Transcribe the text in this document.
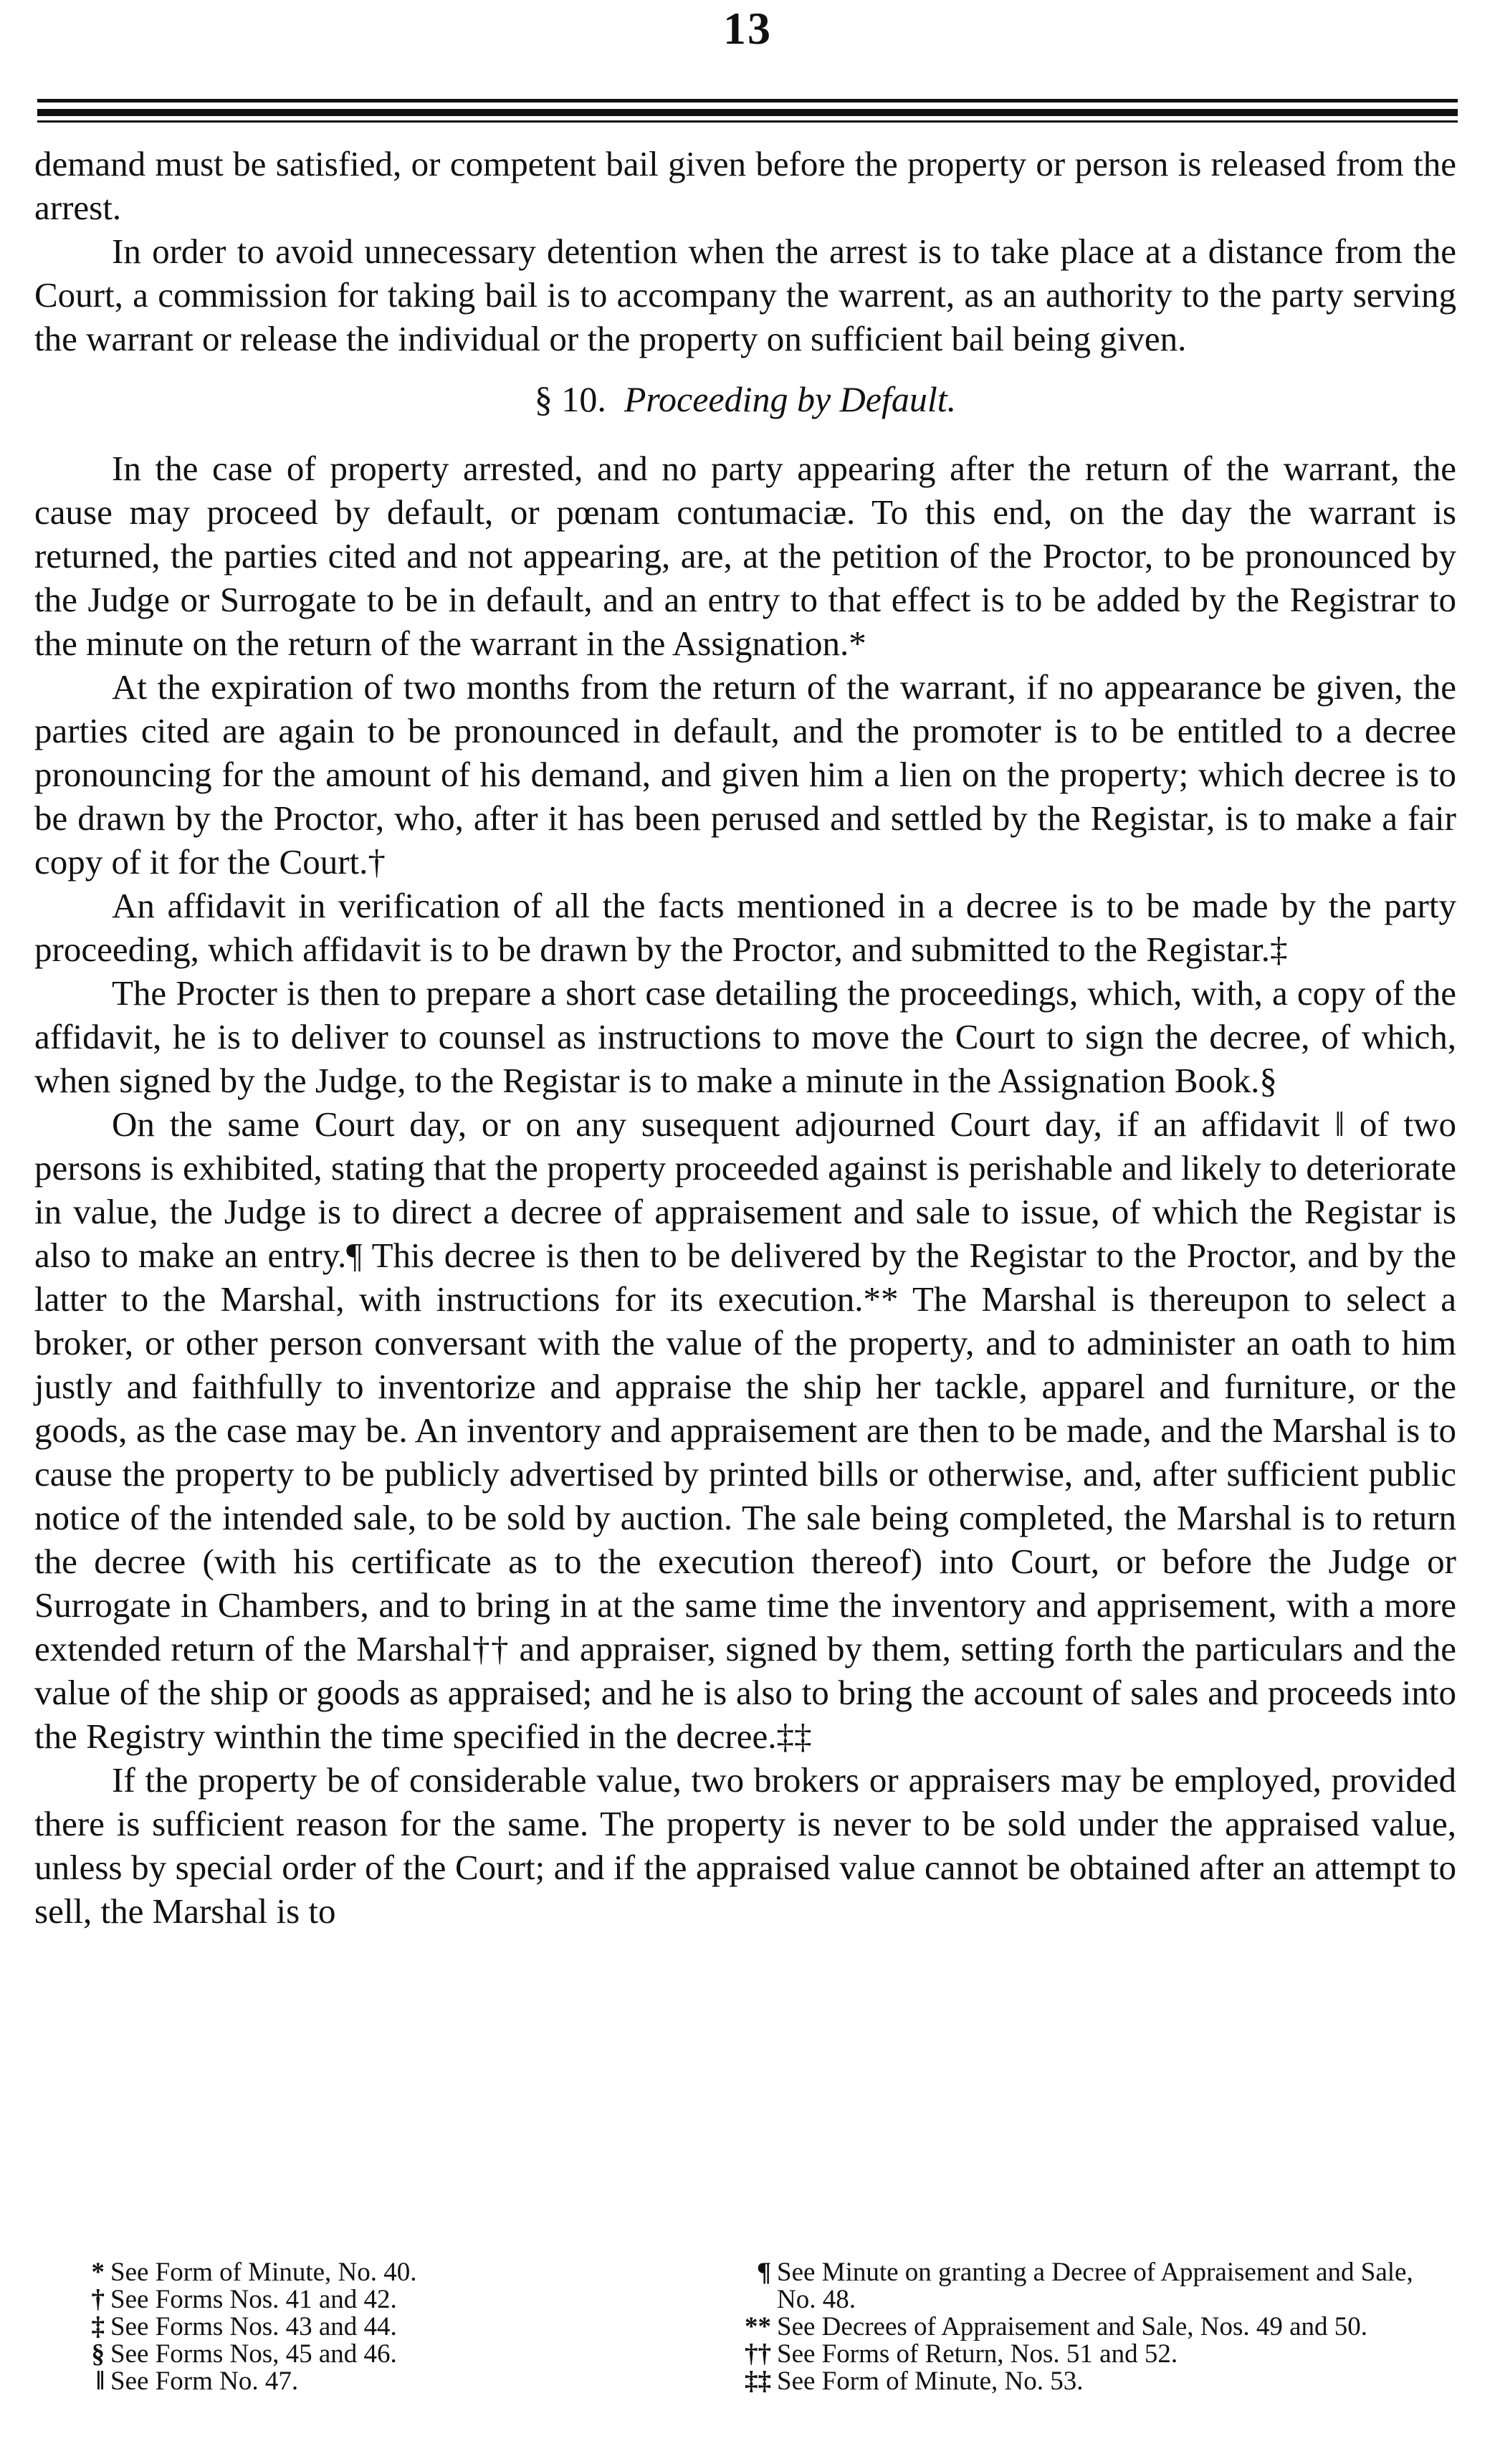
13

demand must be satisfied, or competent bail given before the property or person is released from the arrest.

In order to avoid unnecessary detention when the arrest is to take place at a distance from the Court, a commission for taking bail is to accompany the warrent, as an authority to the party serving the warrant or release the individual or the property on sufficient bail being given.

§ 10. Proceeding by Default.

In the case of property arrested, and no party appearing after the return of the warrant, the cause may proceed by default, or pœnam contumaciæ. To this end, on the day the warrant is returned, the parties cited and not appearing, are, at the petition of the Proctor, to be pronounced by the Judge or Surrogate to be in default, and an entry to that effect is to be added by the Registrar to the minute on the return of the warrant in the Assignation.*

At the expiration of two months from the return of the warrant, if no appearance be given, the parties cited are again to be pronounced in default, and the promoter is to be entitled to a decree pronouncing for the amount of his demand, and given him a lien on the property; which decree is to be drawn by the Proctor, who, after it has been perused and settled by the Registar, is to make a fair copy of it for the Court.†

An affidavit in verification of all the facts mentioned in a decree is to be made by the party proceeding, which affidavit is to be drawn by the Proctor, and submitted to the Registar.‡

The Procter is then to prepare a short case detailing the proceedings, which, with, a copy of the affidavit, he is to deliver to counsel as instructions to move the Court to sign the decree, of which, when signed by the Judge, to the Registar is to make a minute in the Assignation Book.§

On the same Court day, or on any susequent adjourned Court day, if an affidavit ‖ of two persons is exhibited, stating that the property proceeded against is perishable and likely to deteriorate in value, the Judge is to direct a decree of appraisement and sale to issue, of which the Registar is also to make an entry.¶ This decree is then to be delivered by the Registar to the Proctor, and by the latter to the Marshal, with instructions for its execution.** The Marshal is thereupon to select a broker, or other person conversant with the value of the property, and to administer an oath to him justly and faithfully to inventorize and appraise the ship her tackle, apparel and furniture, or the goods, as the case may be. An inventory and appraisement are then to be made, and the Marshal is to cause the property to be publicly advertised by printed bills or otherwise, and, after sufficient public notice of the intended sale, to be sold by auction. The sale being completed, the Marshal is to return the decree (with his certificate as to the execution thereof) into Court, or before the Judge or Surrogate in Chambers, and to bring in at the same time the inventory and apprisement, with a more extended return of the Marshal†† and appraiser, signed by them, setting forth the particulars and the value of the ship or goods as appraised; and he is also to bring the account of sales and proceeds into the Registry winthin the time specified in the decree.‡‡

If the property be of considerable value, two brokers or appraisers may be employed, provided there is sufficient reason for the same. The property is never to be sold under the appraised value, unless by special order of the Court; and if the appraised value cannot be obtained after an attempt to sell, the Marshal is to

* See Form of Minute, No. 40.
† See Forms Nos. 41 and 42.
‡ See Forms Nos. 43 and 44.
§ See Forms Nos, 45 and 46.
‖ See Form No. 47.
¶ See Minute on granting a Decree of Appraisement and Sale, No. 48.
** See Decrees of Appraisement and Sale, Nos. 49 and 50.
†† See Forms of Return, Nos. 51 and 52.
‡‡ See Form of Minute, No. 53.
